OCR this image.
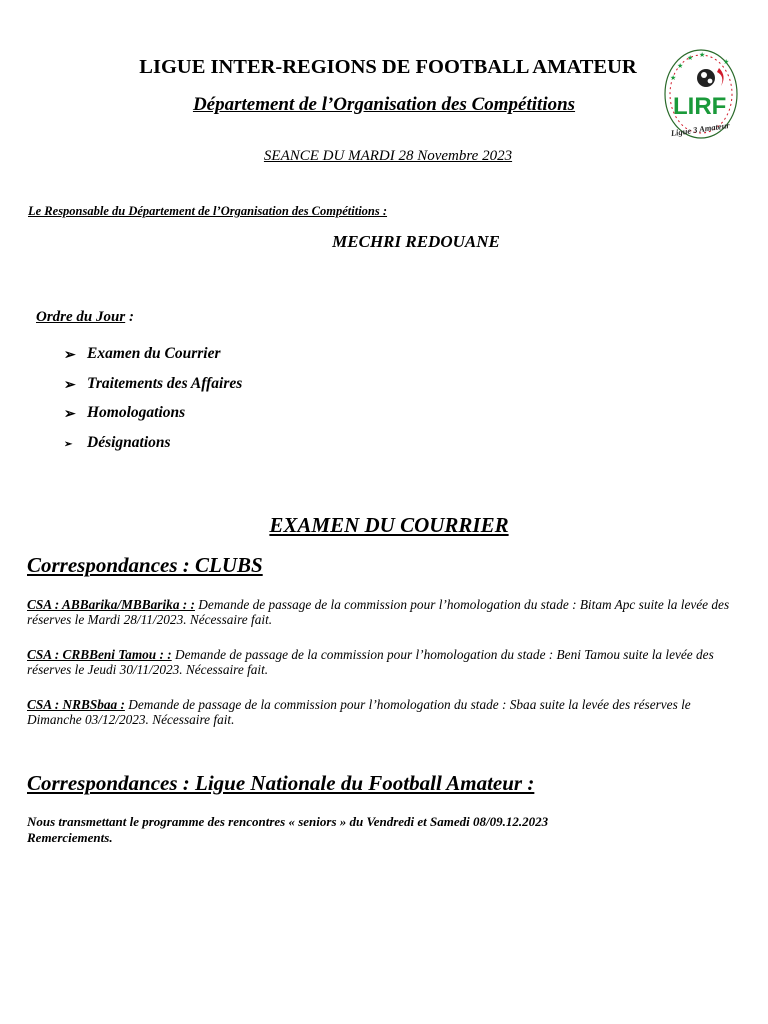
LIGUE INTER-REGIONS DE FOOTBALL AMATEUR
Département de l’Organisation des Compétitions
SEANCE DU MARDI 28 Novembre 2023
★
★ ★
★
★
LIRF
Ligue 3 Amateur
Le Responsable du Département de l’Organisation des Compétitions :
MECHRI REDOUANE
Ordre du Jour :
➢ Examen du Courrier
➢ Traitements des Affaires
➢ Homologations
➢ Désignations
EXAMEN DU COURRIER
Correspondances : CLUBS
CSA : ABBarika/MBBarika : : Demande de passage de la commission pour l’homologation du stade : Bitam Apc suite la levée des réserves le Mardi 28/11/2023. Nécessaire fait.
CSA : CRBBeni Tamou : : Demande de passage de la commission pour l’homologation du stade : Beni Tamou suite la levée des réserves le Jeudi 30/11/2023. Nécessaire fait.
CSA : NRBSbaa : Demande de passage de la commission pour l’homologation du stade : Sbaa suite la levée des réserves le Dimanche 03/12/2023. Nécessaire fait.
Correspondances : Ligue Nationale du Football Amateur :
Nous transmettant le programme des rencontres « seniors » du Vendredi et Samedi 08/09.12.2023
Remerciements.
